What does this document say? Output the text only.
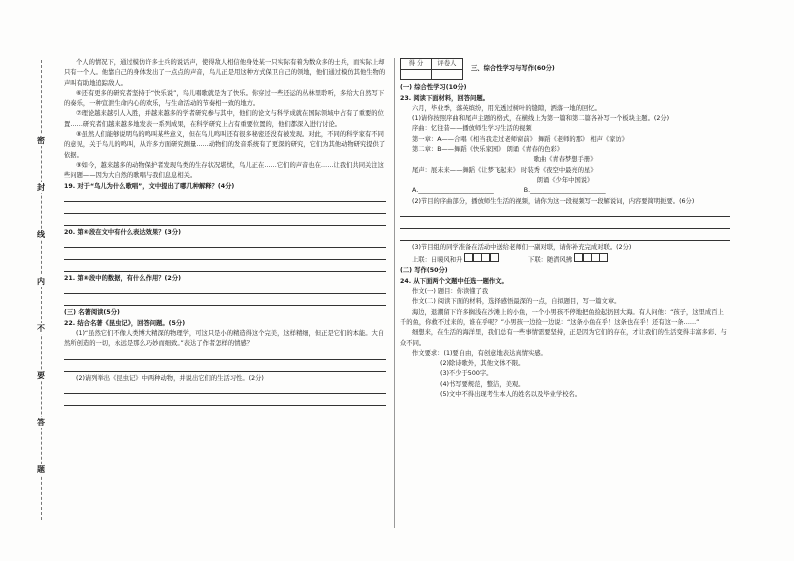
密
封
线
内
不
要
答
题

个人的情况下，通过模仿许多士兵的说话声，使得敌人相信他身处某一只实际有着为数众多的士兵，而实际上却只有一个人。他靠自己的身体发出了一点点的声音，鸟儿正是用这种方式保卫自己的领地，他们通过模仿其他生物的声叫有助地追踪敌人。

⑥还有更多的研究者坚持于“快乐说”，鸟儿唱歌就是为了快乐。你穿过一些还运的丛林里聆听，多给大自然写下的奏乐，一种宣泄生命内心的欢乐，与生命活动的节奏相一致的地方。

⑦理论越来越引人入胜，并越来越多的学者研究参与其中，他们的论文与科学成就在国际领域中占有了重要的位置……研究者们越来越多地发表一系列成果，在科学研究上占有重要位置的，他们都深入进行讨论。

⑧虽然人们能够说明鸟的鸣叫某些意义，但在鸟儿鸣叫还有很多秘密还没有被发现。对此，不同的科学家有不同的意见，关于鸟儿的鸣叫，从许多方面研究测量……动物们的发音系统有了更深的研究，它们为其他动物研究提供了依据。

⑨如今，越来越多的动物保护者发现鸟类的生存状况堪忧，鸟儿正在……它们的声音也在……让我们共同关注这些问题——因为大自然的歌唱与我们息息相关。

19. 对于“鸟儿为什么歌唱”，文中提出了哪几种解释？(4分)

20. 第⑥段在文中有什么表达效果？(3分)

21. 第⑧段中的数据，有什么作用？(2分)

(三) 名著阅读(5分)

22. 结合名著《昆虫记》，回答问题。(5分)

(1)“虽然它们不像人类博大精深的物理学，可这只是小的精造得这个完美，这样精细，但正是它们的本能。大自然所创造的一切，永远是那么巧妙而细致。”表达了作者怎样的情感？

(2)请列举出《昆虫记》中两种动物，并说出它们的生活习性。(2分)

得 分	评卷人

三、综合性学习与写作(60分)

(一) 综合性学习(10分)

23. 阅读下面材料，回答问题。

六月，毕业季，落英缤纷，用光透过树叶的缝隙，洒落一地的回忆。

(1)请你按照序曲和尾声主题的格式，在横线上为第一篇和第二篇各补写一个板块主题。(2分)

序曲：忆往昔——播放师生学习生活的视频

第一章：A——合唱《相当我走过老师窗前》 舞蹈《老师的那》 相声《家访》

第二章：B——舞蹈《快乐家园》 朗诵《青春的色彩》

歌曲《青春梦想手册》

尾声：展未来——舞蹈《让梦飞起来》 时装秀《夜空中最亮的星》

朗诵《少年中国说》

A.________________________	B.________________________

(2)节目的序曲部分，播放师生生活的视频，请你为这一段视频写一段解说词，内容要简明扼要。(6分)

(3)节目组的同学准备在活动中送给老师们一副对联，请你补充完成对联。(2分)

上联：日暖风和升	下联：随潜风拂

(二) 写作(50分)

24. 从下面两个文题中任选一题作文。

作文(一) 题目：你读懂了我

作文(二) 阅读下面的材料，选择感悟最深的一点，自拟题目，写一篇文章。

海边，退潮留下许多搁浅在沙滩上的小鱼，一个小男孩不停地把鱼捡起扔回大海。有人问他：“孩子，这里成百上千的鱼，你救不过来的，谁在乎呢？”小男孩一边捡一边说：“这条小鱼在乎！这条也在乎！还有这一条……”

细想来，在生活的海洋里，我们总有一些事情需要坚持，正是因为它们的存在，才让我们的生活变得丰富多彩、与众不同。

作文要求：(1)要自由，有创意地表达真情实感。

(2)除诗歌外，其他文体不限。

(3)不少于500字。

(4)书写要规范，整洁，美观。

(5)文中不得出现考生本人的姓名以及毕业学校名。
